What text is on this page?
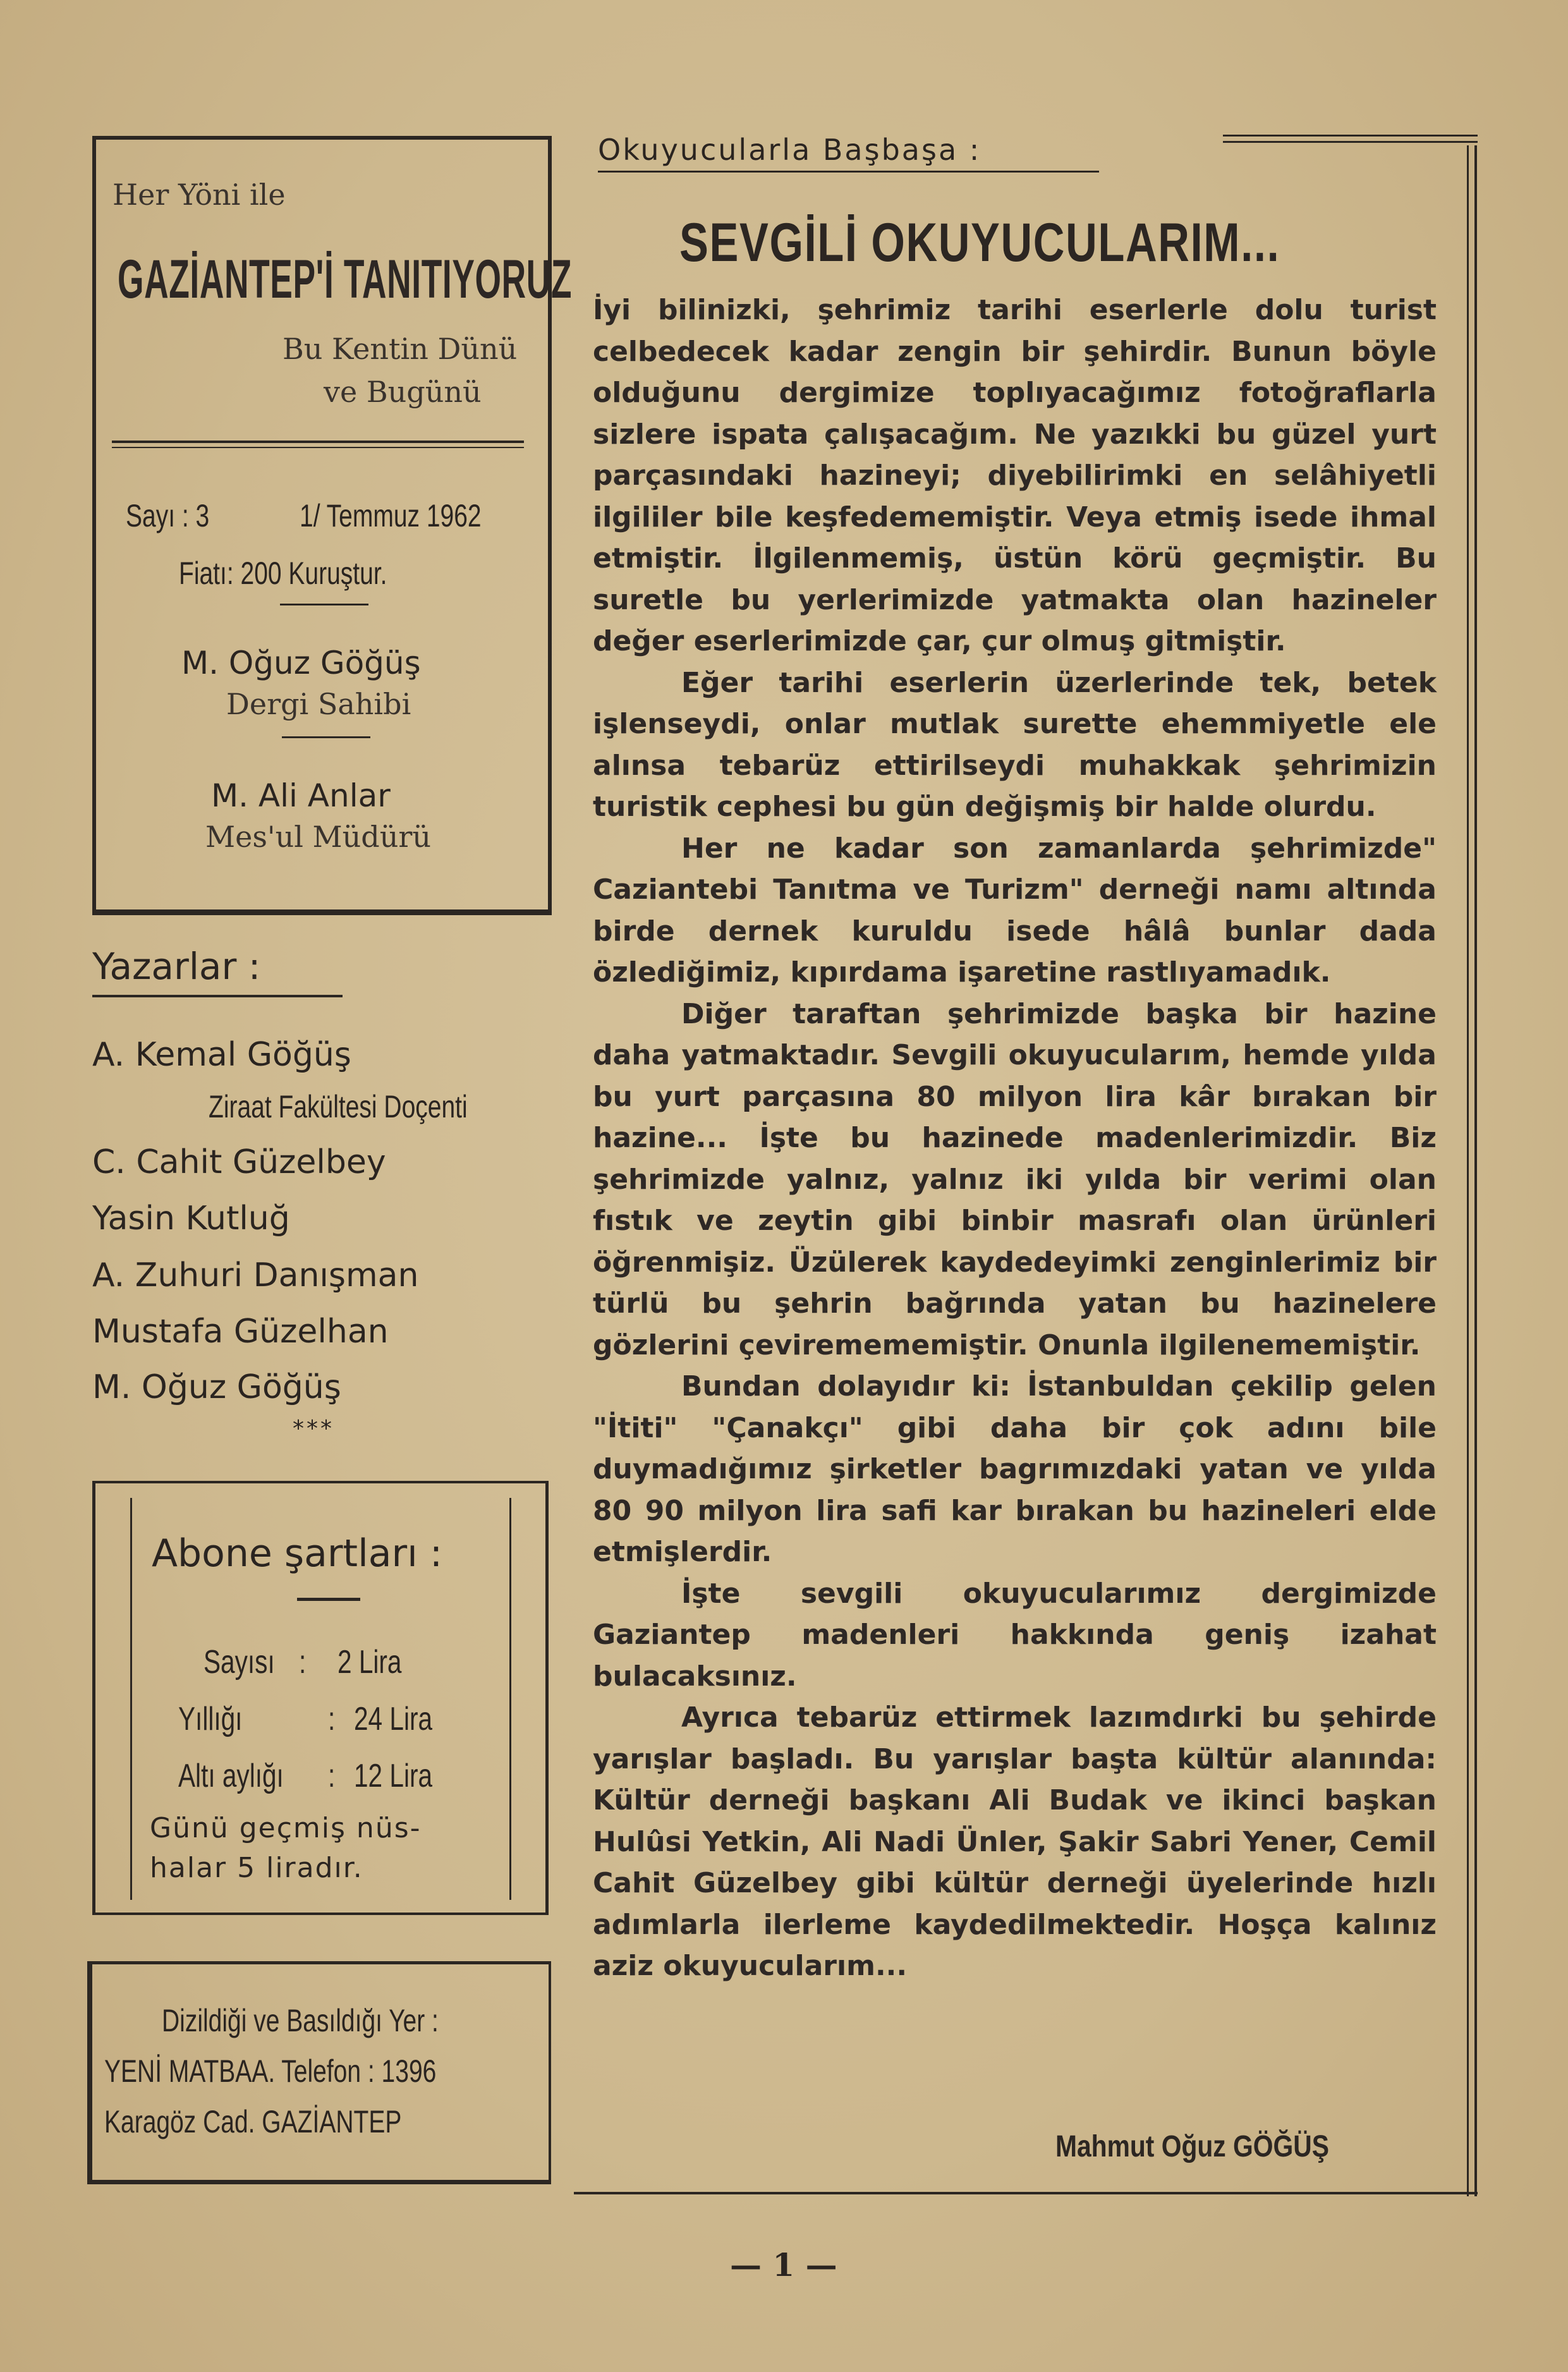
Her Yöni ile
GAZİANTEP'İ TANITIYORUZ
Bu Kentin Dünü
ve Bugünü
Sayı : 3	1/ Temmuz 1962
Fiatı: 200 Kuruştur.
M. Oğuz Göğüş
Dergi Sahibi
M. Ali Anlar
Mes'ul Müdürü
Yazarlar :
A. Kemal Göğüş
Ziraat Fakültesi Doçenti
C. Cahit Güzelbey
Yasin Kutluğ
A. Zuhuri Danışman
Mustafa Güzelhan
M. Oğuz Göğüş
***
Abone şartları :
Sayısı : 2 Lira
Yıllığı	: 24 Lira
Altı aylığı : 12 Lira
Günü geçmiş nüs-
halar 5 liradır.
Dizildiği ve Basıldığı Yer :
YENİ MATBAA. Telefon : 1396
Karagöz Cad. GAZİANTEP
Okuyucularla Başbaşa :
SEVGİLİ OKUYUCULARIM...
İyi bilinizki, şehrimiz tarihi eserlerle dolu turist celbedecek kadar zengin bir şehirdir. Bunun böyle olduğunu dergimize toplıyacağımız fotoğraflarla sizlere ispata çalışacağım. Ne yazıkki bu güzel yurt parçasındaki hazineyi; diyebilirimki en selâhiyetli ilgililer bile keşfedememiştir. Veya etmiş isede ihmal etmiştir. İlgilenmemiş, üstün körü geçmiştir. Bu suretle bu yerlerimizde yatmakta olan hazineler değer eserlerimizde çar, çur olmuş gitmiştir.
Eğer tarihi eserlerin üzerlerinde tek, betek işlenseydi, onlar mutlak surette ehemmiyetle ele alınsa tebarüz ettirilseydi muhakkak şehrimizin turistik cephesi bu gün değişmiş bir halde olurdu.
Her ne kadar son zamanlarda şehrimizde" Caziantebi Tanıtma ve Turizm" derneği namı altında birde dernek kuruldu isede hâlâ bunlar dada özlediğimiz, kıpırdama işaretine rastlıyamadık.
Diğer taraftan şehrimizde başka bir hazine daha yatmaktadır. Sevgili okuyucularım, hemde yılda bu yurt parçasına 80 milyon lira kâr bırakan bir hazine... İşte bu hazinede madenlerimizdir. Biz şehrimizde yalnız, yalnız iki yılda bir verimi olan fıstık ve zeytin gibi binbir masrafı olan ürünleri öğrenmişiz. Üzülerek kaydedeyimki zenginlerimiz bir türlü bu şehrin bağrında yatan bu hazinelere gözlerini çeviremememiştir. Onunla ilgilenememiştir.
Bundan dolayıdır ki: İstanbuldan çekilip gelen "İtiti" "Çanakçı" gibi daha bir çok adını bile duymadığımız şirketler bagrımızdaki yatan ve yılda 80 90 milyon lira safi kar bırakan bu hazineleri elde etmişlerdir.
İşte sevgili okuyucularımız dergimizde Gaziantep madenleri hakkında geniş izahat bulacaksınız.
Ayrıca tebarüz ettirmek lazımdırki bu şehirde yarışlar başladı. Bu yarışlar başta kültür alanında: Kültür derneği başkanı Ali Budak ve ikinci başkan Hulûsi Yetkin, Ali Nadi Ünler, Şakir Sabri Yener, Cemil Cahit Güzelbey gibi kültür derneği üyelerinde hızlı adımlarla ilerleme kaydedilmektedir. Hoşça kalınız aziz okuyucularım...
Mahmut Oğuz GÖĞÜŞ
— 1 —
